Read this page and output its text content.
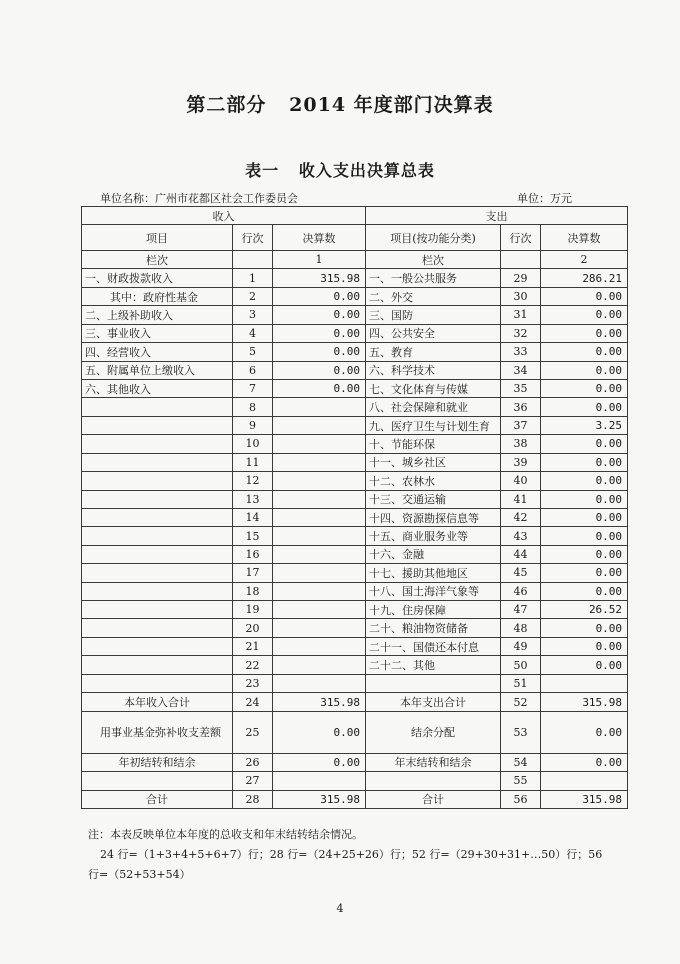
第二部分   2014 年度部门决算表
表一   收入支出决算总表
单位名称：广州市花都区社会工作委员会	单位：万元
收入			支出		
项目	行次	决算数	项目(按功能分类)	行次	决算数
栏次		1	栏次		2
一、财政拨款收入	1	315.98	一、一般公共服务	29	286.21
其中：政府性基金	2	0.00	二、外交	30	0.00
二、上级补助收入	3	0.00	三、国防	31	0.00
三、事业收入	4	0.00	四、公共安全	32	0.00
四、经营收入	5	0.00	五、教育	33	0.00
五、附属单位上缴收入	6	0.00	六、科学技术	34	0.00
六、其他收入	7	0.00	七、文化体育与传媒	35	0.00
	8		八、社会保障和就业	36	0.00
	9		九、医疗卫生与计划生育	37	3.25
	10		十、节能环保	38	0.00
	11		十一、城乡社区	39	0.00
	12		十二、农林水	40	0.00
	13		十三、交通运输	41	0.00
	14		十四、资源勘探信息等	42	0.00
	15		十五、商业服务业等	43	0.00
	16		十六、金融	44	0.00
	17		十七、援助其他地区	45	0.00
	18		十八、国土海洋气象等	46	0.00
	19		十九、住房保障	47	26.52
	20		二十、粮油物资储备	48	0.00
	21		二十一、国债还本付息	49	0.00
	22		二十二、其他	50	0.00
	23			51	
本年收入合计	24	315.98	本年支出合计	52	315.98
用事业基金弥补收支差额	25	0.00	结余分配	53	0.00
年初结转和结余	26	0.00	年末结转和结余	54	0.00
	27			55	
合计	28	315.98	合计	56	315.98
注：本表反映单位本年度的总收支和年末结转结余情况。
24 行=（1+3+4+5+6+7）行；28 行=（24+25+26）行；52 行=（29+30+31+…50）行；56
行=（52+53+54）
4
